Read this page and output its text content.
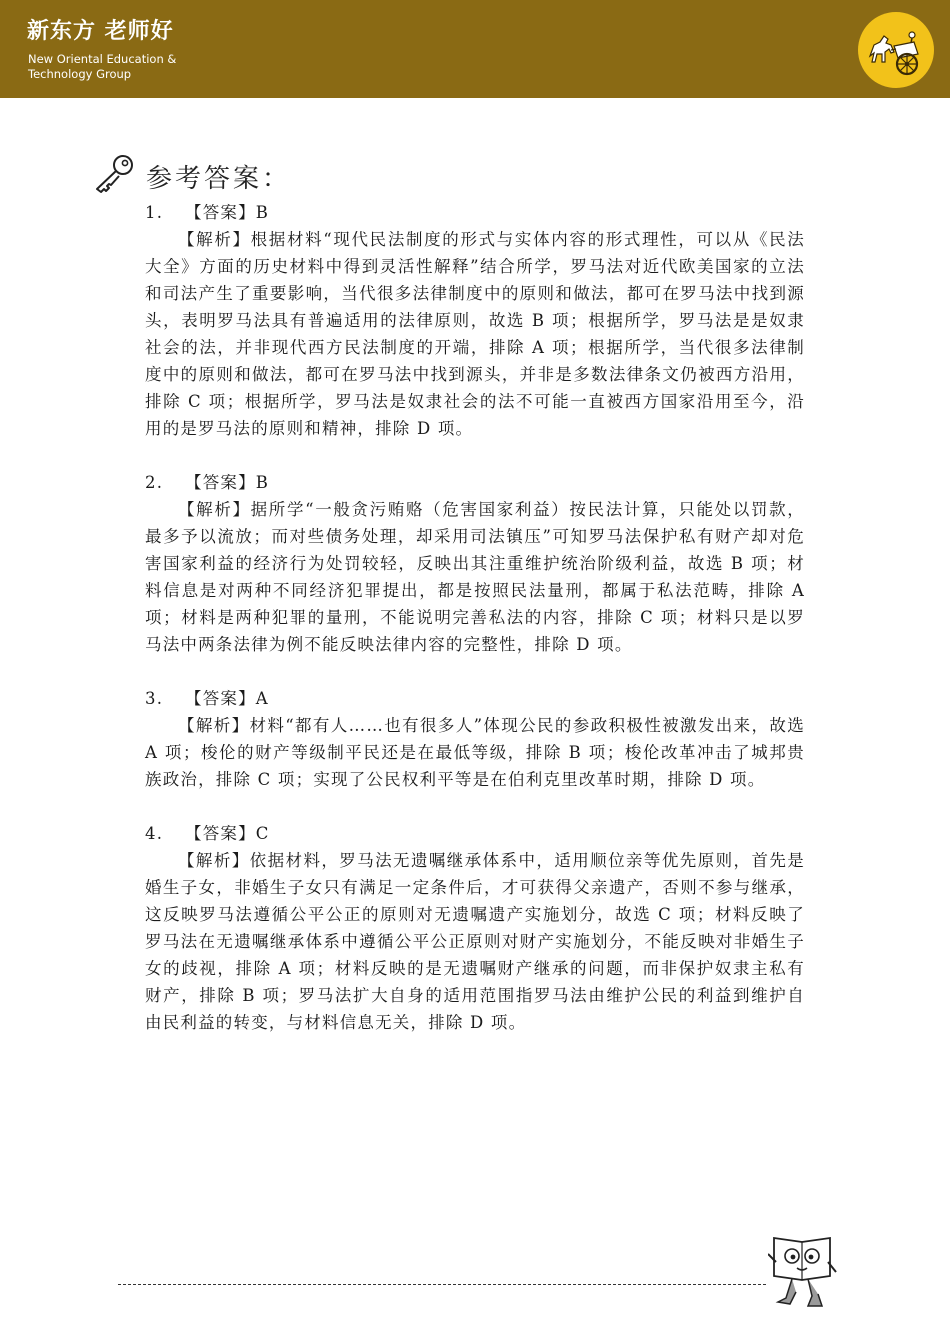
新东方 老师好
New Oriental Education &
Technology Group
参考答案：
1. 【答案】B
【解析】根据材料“现代民法制度的形式与实体内容的形式理性，可以从《民法大全》方面的历史材料中得到灵活性解释”结合所学，罗马法对近代欧美国家的立法和司法产生了重要影响，当代很多法律制度中的原则和做法，都可在罗马法中找到源头，表明罗马法具有普遍适用的法律原则，故选 B 项；根据所学，罗马法是是奴隶社会的法，并非现代西方民法制度的开端，排除 A 项；根据所学，当代很多法律制度中的原则和做法，都可在罗马法中找到源头，并非是多数法律条文仍被西方沿用，排除 C 项；根据所学，罗马法是奴隶社会的法不可能一直被西方国家沿用至今，沿用的是罗马法的原则和精神，排除 D 项。
2. 【答案】B
【解析】据所学“一般贪污贿赂（危害国家利益）按民法计算，只能处以罚款，最多予以流放；而对些债务处理，却采用司法镇压”可知罗马法保护私有财产却对危害国家利益的经济行为处罚较轻，反映出其注重维护统治阶级利益，故选 B 项；材料信息是对两种不同经济犯罪提出，都是按照民法量刑，都属于私法范畴，排除 A 项；材料是两种犯罪的量刑，不能说明完善私法的内容，排除 C 项；材料只是以罗马法中两条法律为例不能反映法律内容的完整性，排除 D 项。
3. 【答案】A
【解析】材料“都有人……也有很多人”体现公民的参政积极性被激发出来，故选 A 项；梭伦的财产等级制平民还是在最低等级，排除 B 项；梭伦改革冲击了城邦贵族政治，排除 C 项；实现了公民权利平等是在伯利克里改革时期，排除 D 项。
4. 【答案】C
【解析】依据材料，罗马法无遗嘱继承体系中，适用顺位亲等优先原则，首先是婚生子女，非婚生子女只有满足一定条件后，才可获得父亲遗产，否则不参与继承，这反映罗马法遵循公平公正的原则对无遗嘱遗产实施划分，故选 C 项；材料反映了罗马法在无遗嘱继承体系中遵循公平公正原则对财产实施划分，不能反映对非婚生子女的歧视，排除 A 项；材料反映的是无遗嘱财产继承的问题，而非保护奴隶主私有财产，排除 B 项；罗马法扩大自身的适用范围指罗马法由维护公民的利益到维护自由民利益的转变，与材料信息无关，排除 D 项。
